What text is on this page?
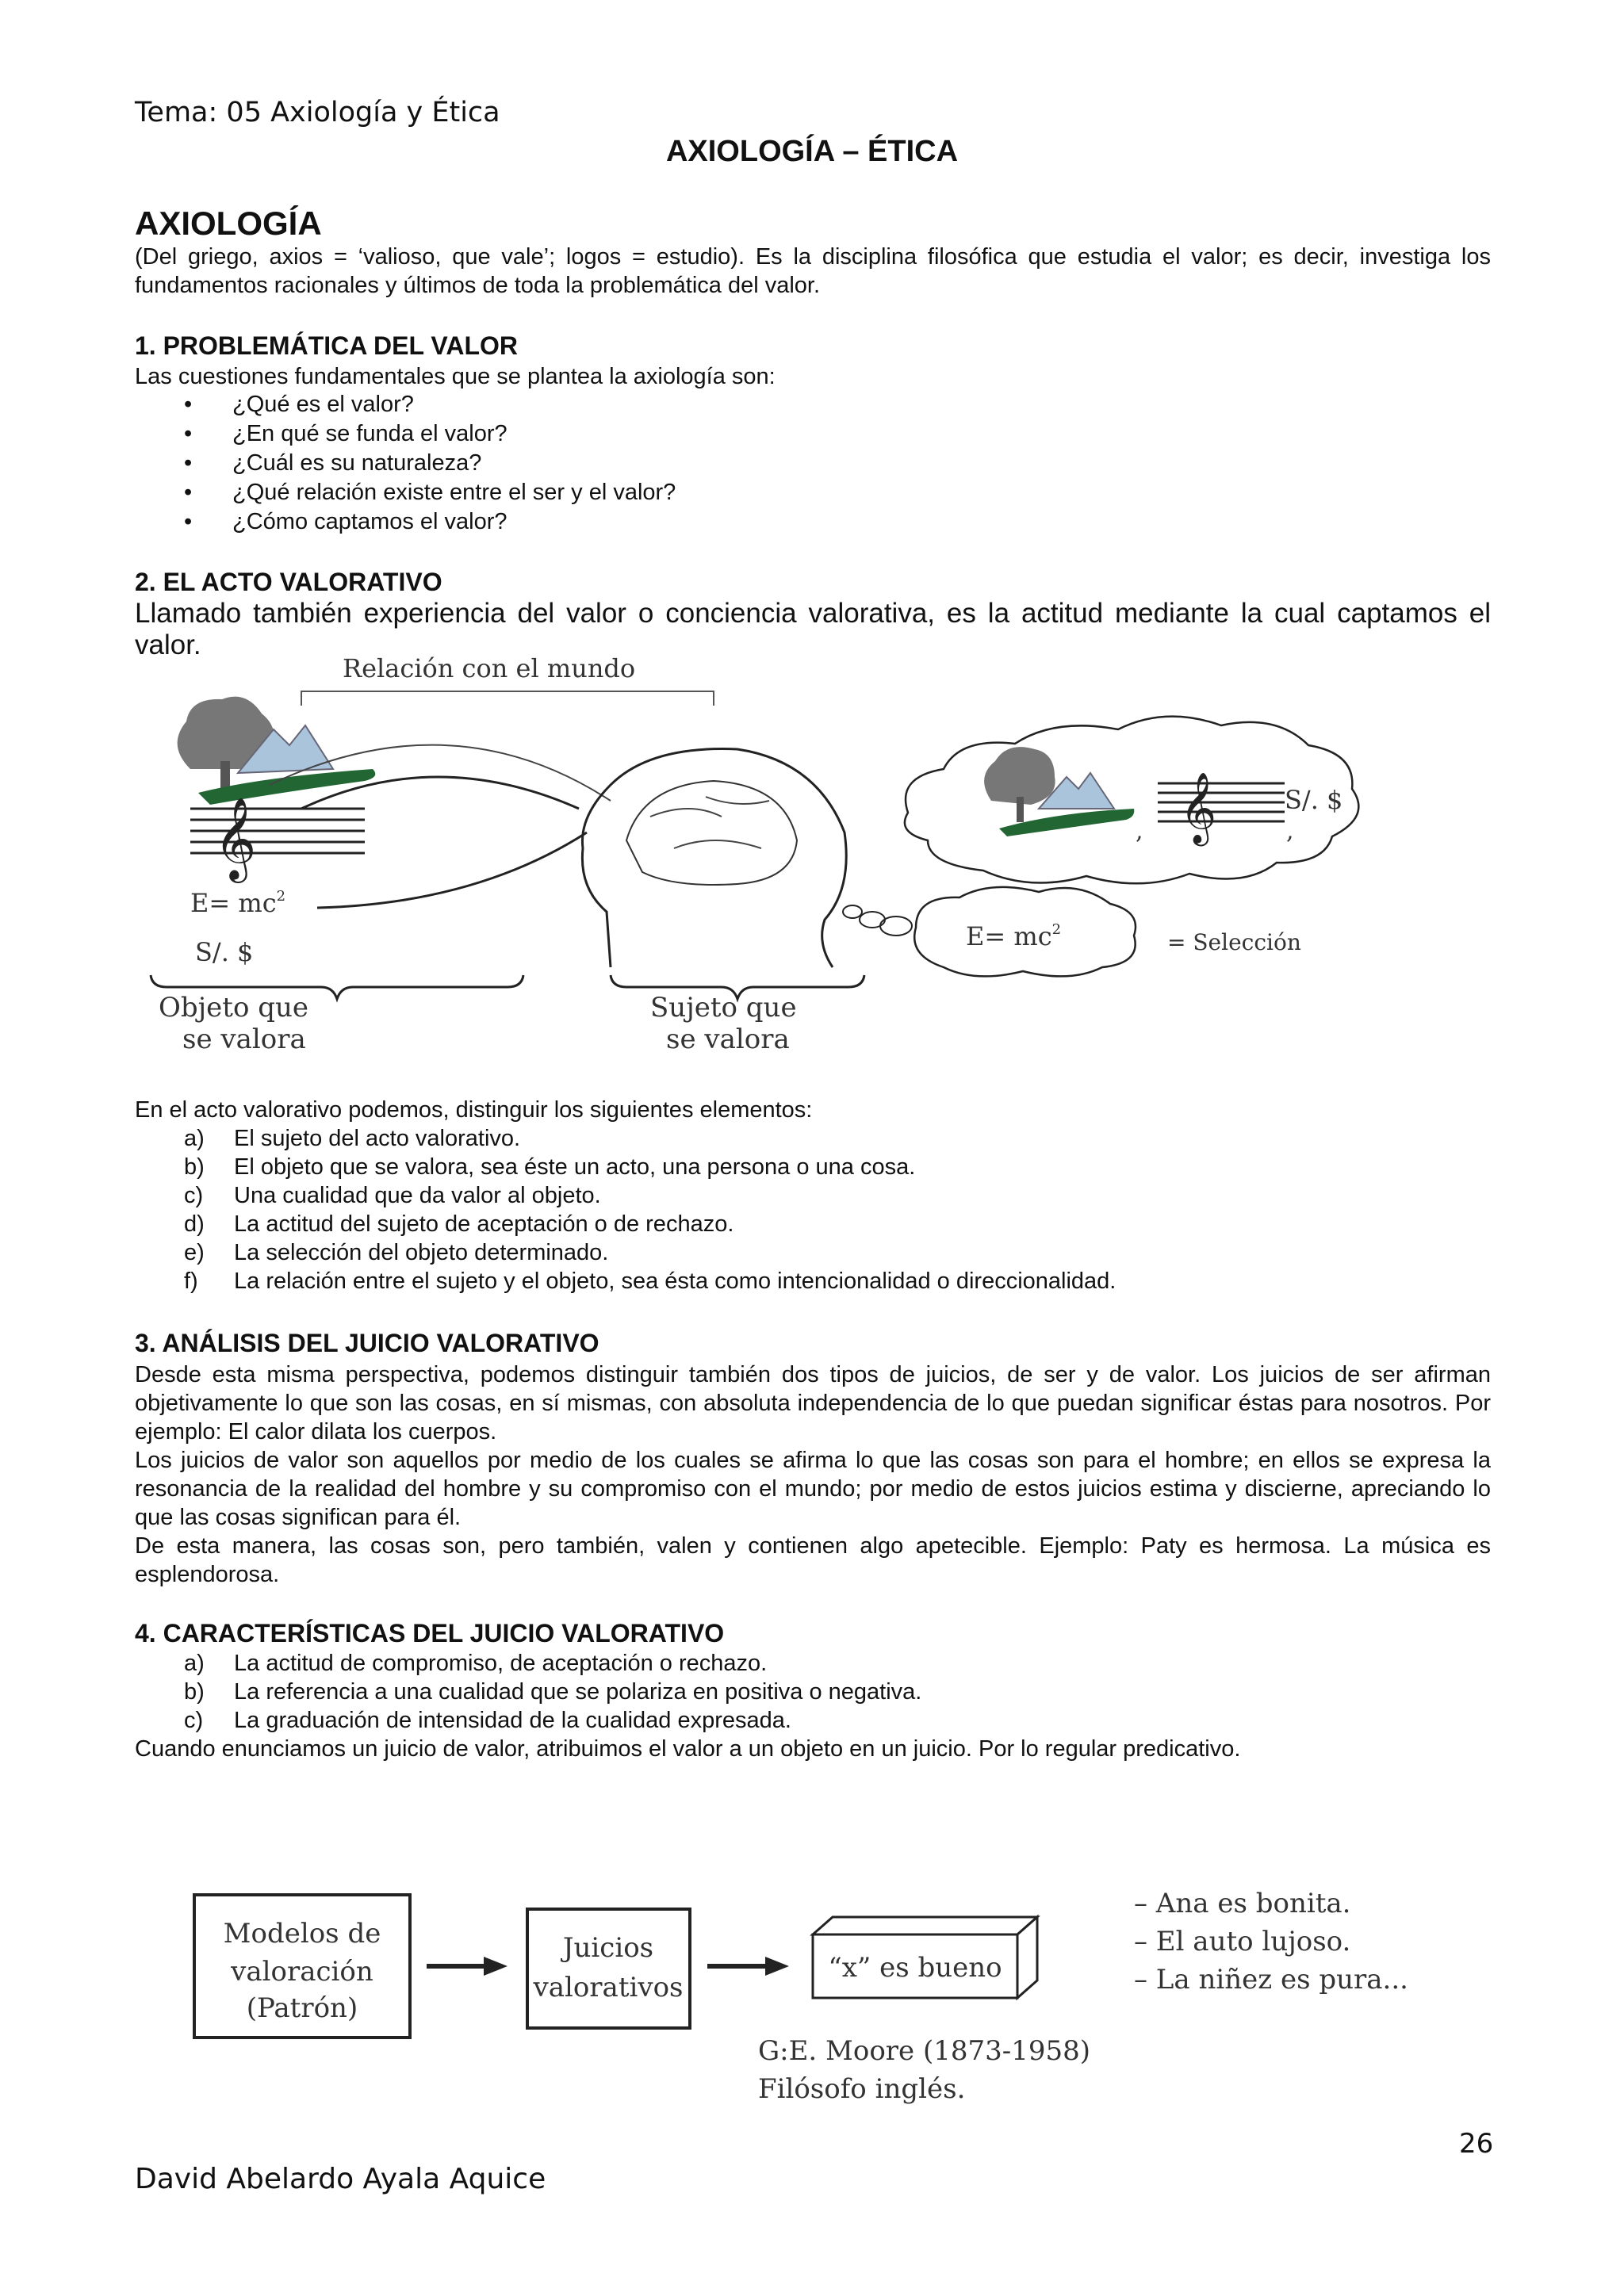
Tema: 05 Axiología y Ética
AXIOLOGÍA – ÉTICA
AXIOLOGÍA
(Del griego, axios = ‘valioso, que vale’; logos = estudio). Es la disciplina filosófica que estudia el valor; es decir, investiga los fundamentos racionales y últimos de toda la problemática del valor.
1. PROBLEMÁTICA DEL VALOR
Las cuestiones fundamentales que se plantea la axiología son:
• ¿Qué es el valor?
• ¿En qué se funda el valor?
• ¿Cuál es su naturaleza?
• ¿Qué relación existe entre el ser y el valor?
• ¿Cómo captamos el valor?
2. EL ACTO VALORATIVO
Llamado también experiencia del valor o conciencia valorativa, es la actitud mediante la cual captamos el valor.
Relación con el mundo
𝄞
$E= mc^2$
S/. $
$E= mc^2$	= Selección
, 𝄞	S/. $
,
Objeto que
se valora
Sujeto que
se valora
En el acto valorativo podemos, distinguir los siguientes elementos:
a) El sujeto del acto valorativo.
b) El objeto que se valora, sea éste un acto, una persona o una cosa.
c) Una cualidad que da valor al objeto.
d) La actitud del sujeto de aceptación o de rechazo.
e) La selección del objeto determinado.
f) La relación entre el sujeto y el objeto, sea ésta como intencionalidad o direccionalidad.
3. ANÁLISIS DEL JUICIO VALORATIVO
Desde esta misma perspectiva, podemos distinguir también dos tipos de juicios, de ser y de valor. Los juicios de ser afirman objetivamente lo que son las cosas, en sí mismas, con absoluta independencia de lo que puedan significar éstas para nosotros. Por ejemplo: El calor dilata los cuerpos.
Los juicios de valor son aquellos por medio de los cuales se afirma lo que las cosas son para el hombre; en ellos se expresa la resonancia de la realidad del hombre y su compromiso con el mundo; por medio de estos juicios estima y discierne, apreciando lo que las cosas significan para él.
De esta manera, las cosas son, pero también, valen y contienen algo apetecible. Ejemplo: Paty es hermosa. La música es esplendorosa.
4. CARACTERÍSTICAS DEL JUICIO VALORATIVO
a) La actitud de compromiso, de aceptación o rechazo.
b) La referencia a una cualidad que se polariza en positiva o negativa.
c) La graduación de intensidad de la cualidad expresada.
Cuando enunciamos un juicio de valor, atribuimos el valor a un objeto en un juicio. Por lo regular predicativo.
Modelos de
valoración
(Patrón)
Juicios
valorativos
“x” es bueno
– Ana es bonita.
– El auto lujoso.
– La niñez es pura...
G:E. Moore (1873-1958)
Filósofo inglés.
26
David Abelardo Ayala Aquice
